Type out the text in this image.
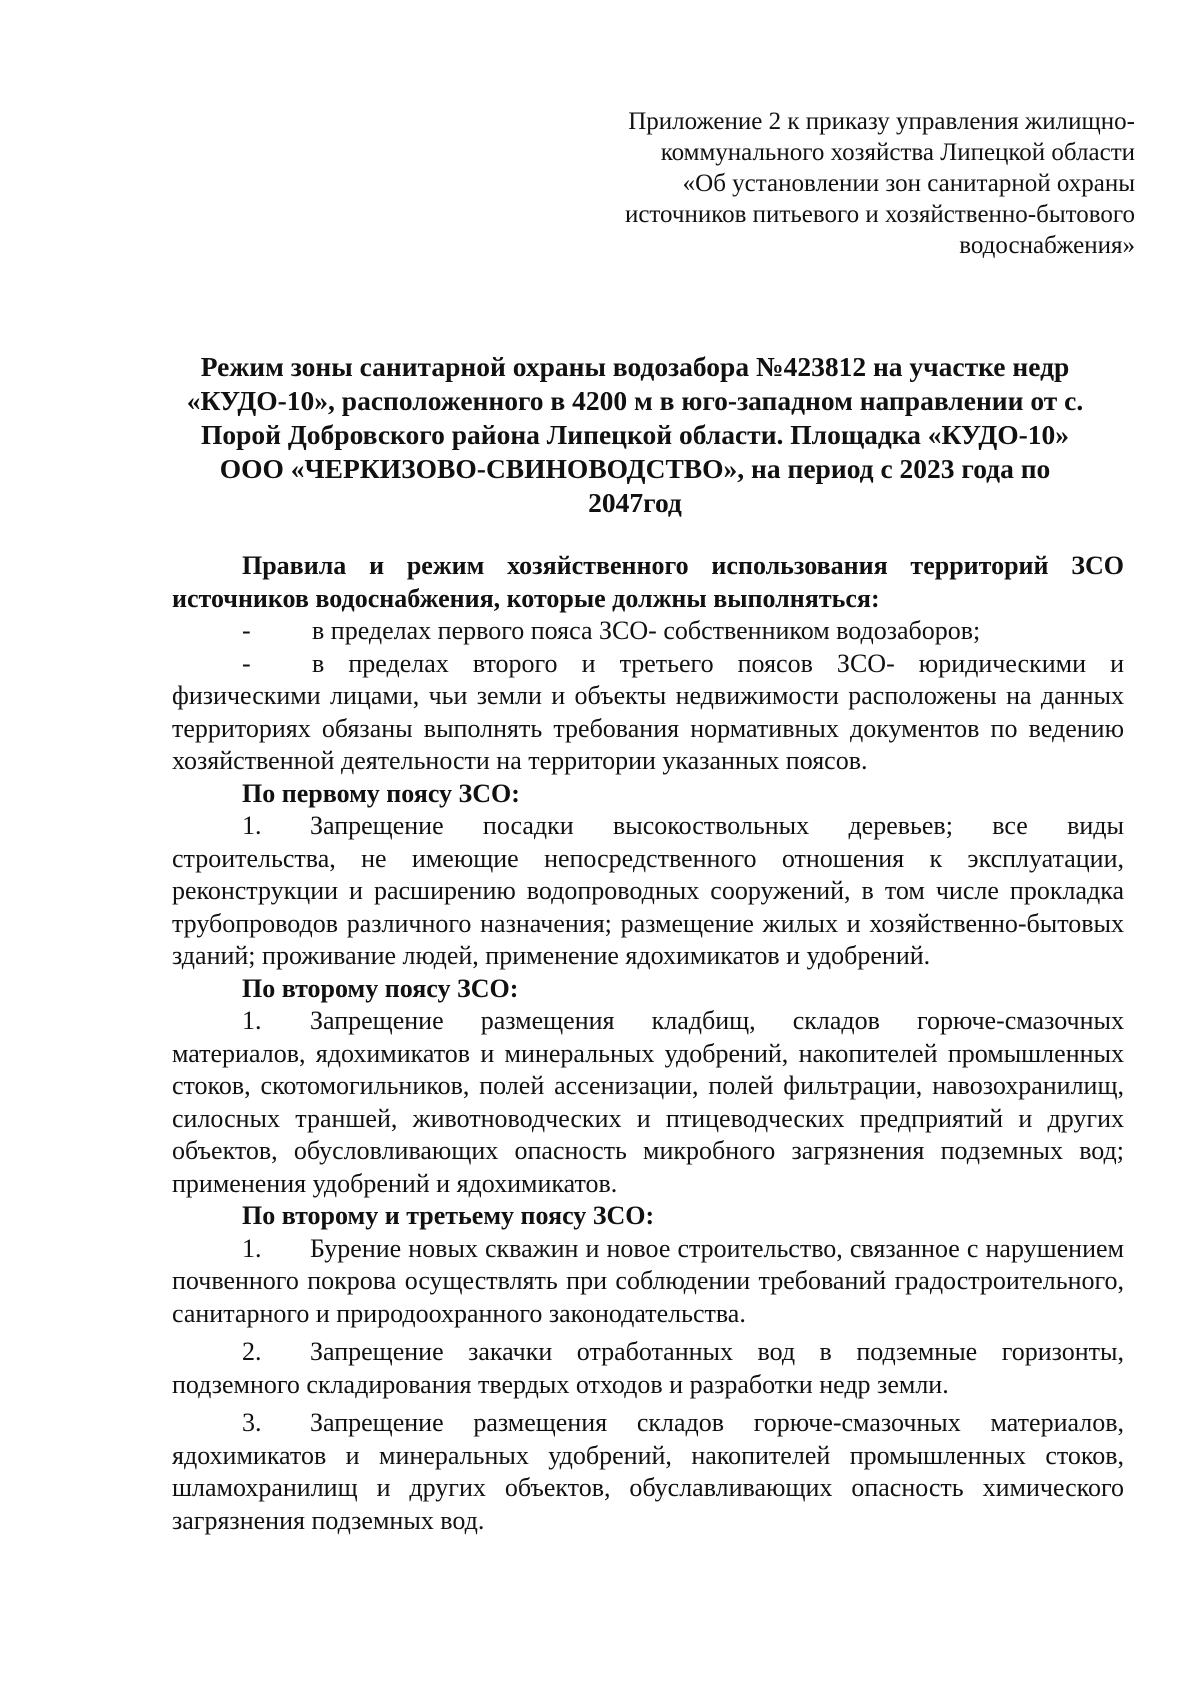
Приложение 2 к приказу управления жилищно-
коммунального хозяйства Липецкой области
«Об установлении зон санитарной охраны
источников питьевого и хозяйственно-бытового
водоснабжения»
Режим зоны санитарной охраны водозабора №423812 на участке недр
«КУДО-10», расположенного в 4200 м в юго-западном направлении от с.
Порой Добровского района Липецкой области. Площадка «КУДО-10»
ООО «ЧЕРКИЗОВО-СВИНОВОДСТВО», на период с 2023 года по
2047год

Правила и режим хозяйственного использования территорий ЗСО источников водоснабжения, которые должны выполняться:

- в пределах первого пояса ЗСО- собственником водозаборов;

- в пределах второго и третьего поясов ЗСО- юридическими и физическими лицами, чьи земли и объекты недвижимости расположены на данных территориях обязаны выполнять требования нормативных документов по ведению хозяйственной деятельности на территории указанных поясов.

По первому поясу ЗСО:

1. Запрещение посадки высокоствольных деревьев; все виды строительства, не имеющие непосредственного отношения к эксплуатации, реконструкции и расширению водопроводных сооружений, в том числе прокладка трубопроводов различного назначения; размещение жилых и хозяйственно-бытовых зданий; проживание людей, применение ядохимикатов и удобрений.

По второму поясу ЗСО:

1. Запрещение размещения кладбищ, складов горюче-смазочных материалов, ядохимикатов и минеральных удобрений, накопителей промышленных стоков, скотомогильников, полей ассенизации, полей фильтрации, навозохранилищ, силосных траншей, животноводческих и птицеводческих предприятий и других объектов, обусловливающих опасность микробного загрязнения подземных вод; применения удобрений и ядохимикатов.

По второму и третьему поясу ЗСО:

1. Бурение новых скважин и новое строительство, связанное с нарушением почвенного покрова осуществлять при соблюдении требований градостроительного, санитарного и природоохранного законодательства.

2. Запрещение закачки отработанных вод в подземные горизонты, подземного складирования твердых отходов и разработки недр земли.

3. Запрещение размещения складов горюче-смазочных материалов, ядохимикатов и минеральных удобрений, накопителей промышленных стоков, шламохранилищ и других объектов, обуславливающих опасность химического загрязнения подземных вод.
